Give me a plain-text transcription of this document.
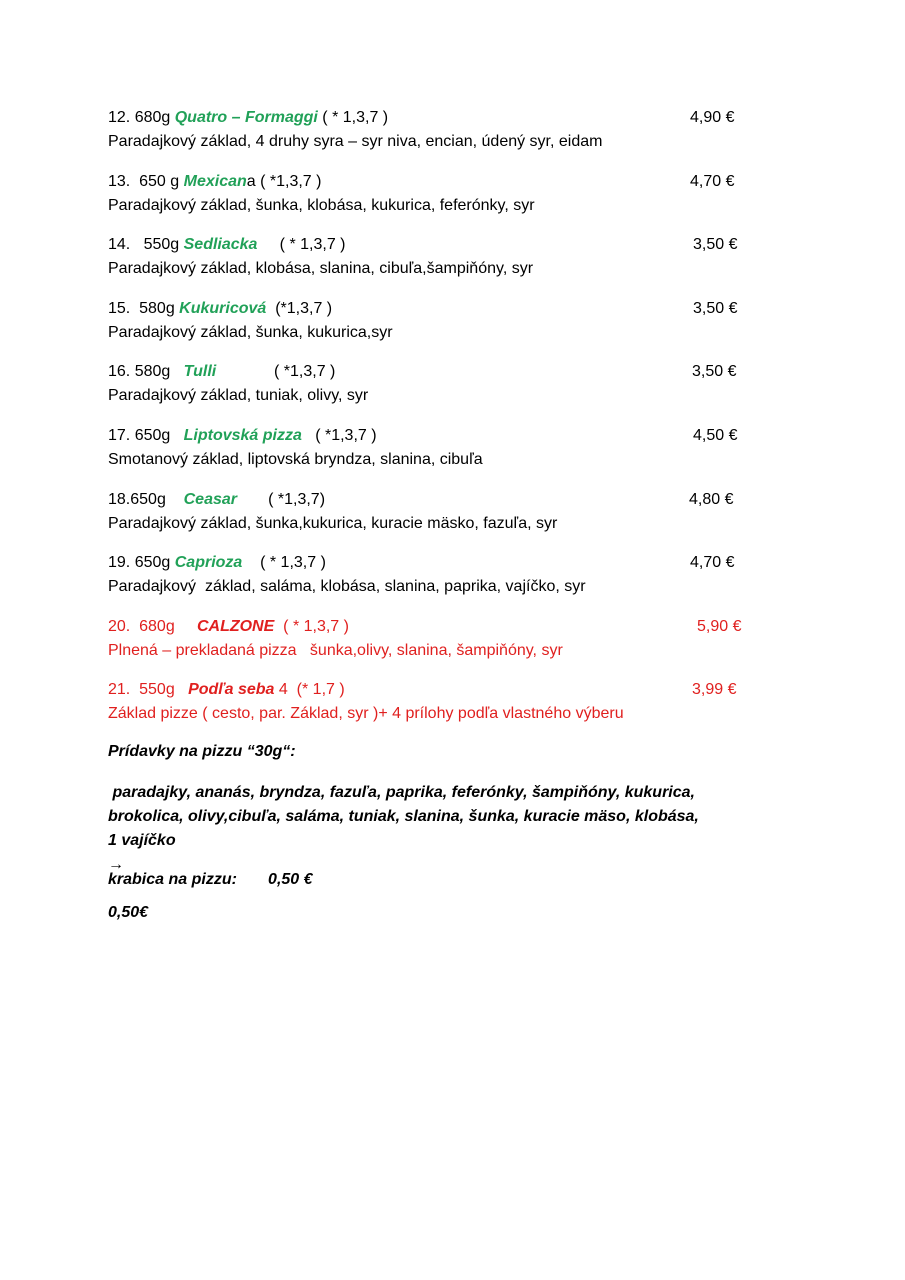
12. 680g Quatro – Formaggi ( * 1,3,7 )	4,90 €
Paradajkový základ, 4 druhy syra – syr niva, encian, údený syr, eidam
13.  650 g Mexicana ( *1,3,7 )	4,70 €
Paradajkový základ, šunka, klobása, kukurica, feferónky, syr
14.   550g Sedliacka     ( * 1,3,7 )	3,50 €
Paradajkový základ, klobása, slanina, cibuľa,šampiňóny, syr
15.  580g Kukuricová  (*1,3,7 )	3,50 €
Paradajkový základ, šunka, kukurica,syr
16. 580g   Tulli             ( *1,3,7 )	3,50 €
Paradajkový základ, tuniak, olivy, syr
17. 650g   Liptovská pizza   ( *1,3,7 )	4,50 €
Smotanový základ, liptovská bryndza, slanina, cibuľa
18.650g    Ceasar       ( *1,3,7)	4,80 €
Paradajkový základ, šunka,kukurica, kuracie mäsko, fazuľa, syr
19. 650g Caprioza    ( * 1,3,7 )	4,70 €
Paradajkový  základ, saláma, klobása, slanina, paprika, vajíčko, syr
20.  680g     CALZONE  ( * 1,3,7 )	5,90 €
Plnená – prekladaná pizza   šunka,olivy, slanina, šampiňóny, syr
21.  550g   Podľa seba 4  (* 1,7 )	3,99 €
Základ pizze ( cesto, par. Základ, syr )+ 4 prílohy podľa vlastného výberu
Prídavky na pizzu “30g“:
paradajky, ananás, bryndza, fazuľa, paprika, feferónky, šampiňóny, kukurica,
brokolica, olivy,cibuľa, saláma, tuniak, slanina, šunka, kuracie mäso, klobása,
1 vajíčko
→

0,50€
krabica na pizzu: 0,50 €
